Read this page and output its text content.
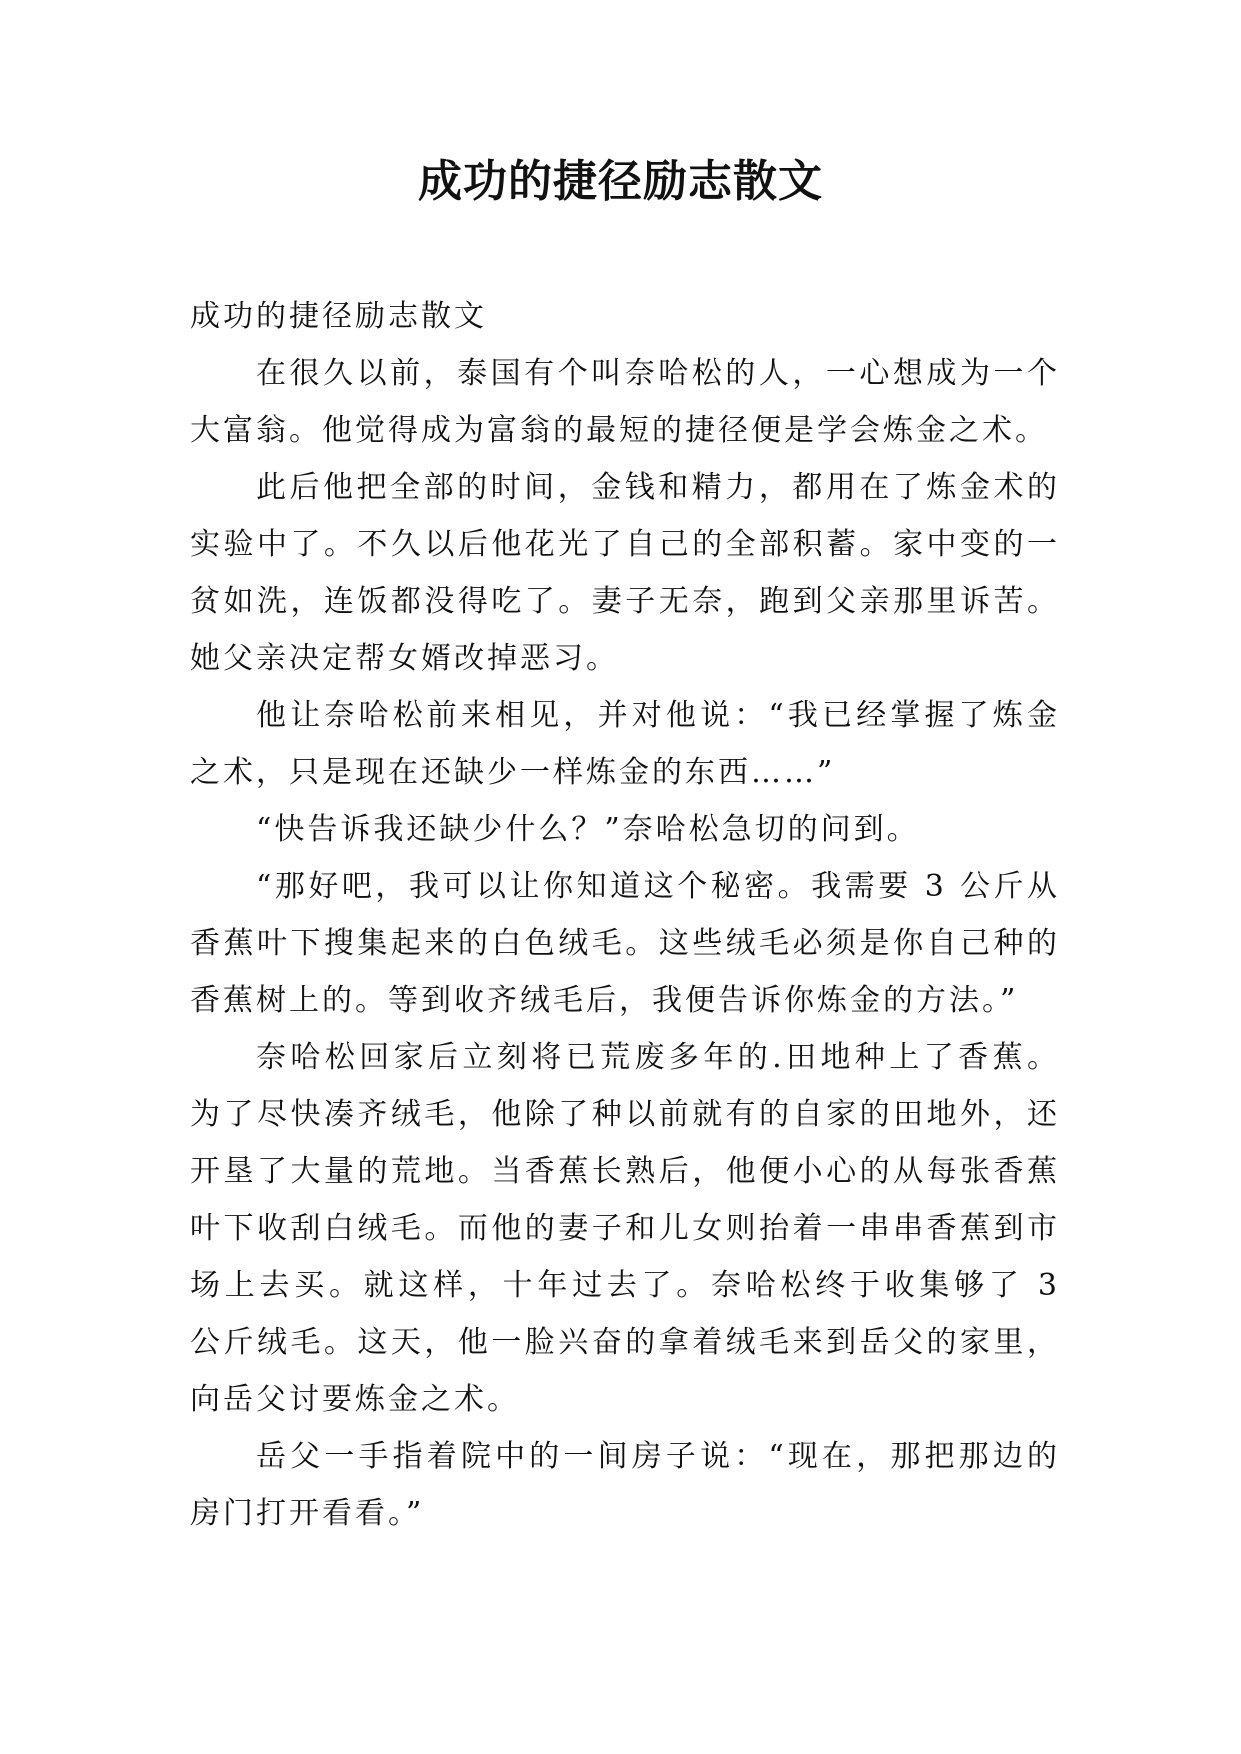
成功的捷径励志散文

成功的捷径励志散文

在很久以前，泰国有个叫奈哈松的人，一心想成为一个大富翁。他觉得成为富翁的最短的捷径便是学会炼金之术。

此后他把全部的时间，金钱和精力，都用在了炼金术的实验中了。不久以后他花光了自己的全部积蓄。家中变的一贫如洗，连饭都没得吃了。妻子无奈，跑到父亲那里诉苦。她父亲决定帮女婿改掉恶习。

他让奈哈松前来相见，并对他说：“我已经掌握了炼金之术，只是现在还缺少一样炼金的东西……”

“快告诉我还缺少什么？”奈哈松急切的问到。

“那好吧，我可以让你知道这个秘密。我需要 3 公斤从香蕉叶下搜集起来的白色绒毛。这些绒毛必须是你自己种的香蕉树上的。等到收齐绒毛后，我便告诉你炼金的方法。”

奈哈松回家后立刻将已荒废多年的.田地种上了香蕉。为了尽快凑齐绒毛，他除了种以前就有的自家的田地外，还开垦了大量的荒地。当香蕉长熟后，他便小心的从每张香蕉叶下收刮白绒毛。而他的妻子和儿女则抬着一串串香蕉到市场上去买。就这样，十年过去了。奈哈松终于收集够了 3 公斤绒毛。这天，他一脸兴奋的拿着绒毛来到岳父的家里，向岳父讨要炼金之术。

岳父一手指着院中的一间房子说：“现在，那把那边的房门打开看看。”
